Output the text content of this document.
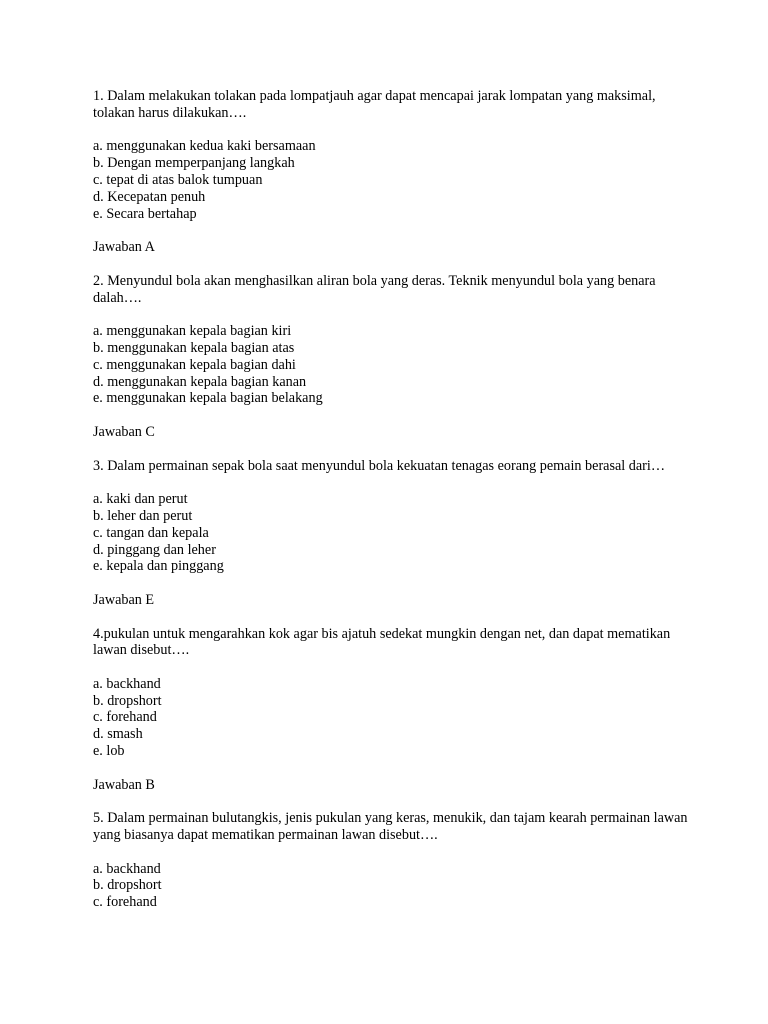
1. Dalam melakukan tolakan pada lompatjauh agar dapat mencapai jarak lompatan yang maksimal, tolakan harus dilakukan….

a. menggunakan kedua kaki bersamaan
b. Dengan memperpanjang langkah
c. tepat di atas balok tumpuan
d. Kecepatan penuh
e. Secara bertahap

Jawaban A

2. Menyundul bola akan menghasilkan aliran bola yang deras. Teknik menyundul bola yang benara dalah….

a. menggunakan kepala bagian kiri
b. menggunakan kepala bagian atas
c. menggunakan kepala bagian dahi
d. menggunakan kepala bagian kanan
e. menggunakan kepala bagian belakang

Jawaban C

3. Dalam permainan sepak bola saat menyundul bola kekuatan tenagas eorang pemain berasal dari…

a. kaki dan perut
b. leher dan perut
c. tangan dan kepala
d. pinggang dan leher
e. kepala dan pinggang

Jawaban E

4.pukulan untuk mengarahkan kok agar bis ajatuh sedekat mungkin dengan net, dan dapat mematikan lawan disebut….

a. backhand
b. dropshort
c. forehand
d. smash
e. lob

Jawaban B

5. Dalam permainan bulutangkis, jenis pukulan yang keras, menukik, dan tajam kearah permainan lawan yang biasanya dapat mematikan permainan lawan disebut….

a. backhand
b. dropshort
c. forehand
